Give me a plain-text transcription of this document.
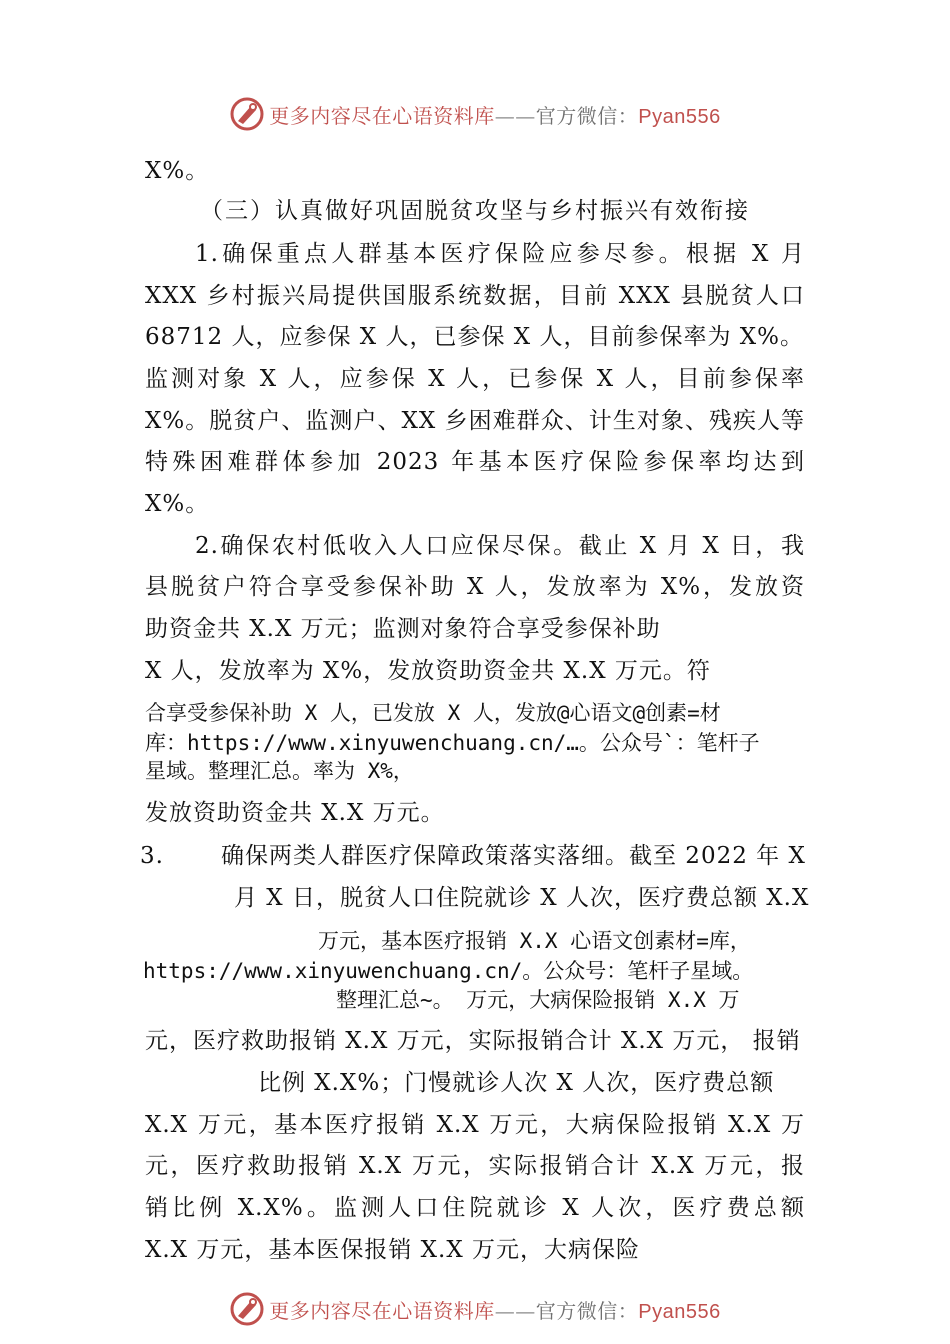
更多内容尽在心语资料库——官方微信：Pyan556
X%。
（三）认真做好巩固脱贫攻坚与乡村振兴有效衔接
1.确保重点人群基本医疗保险应参尽参。根据 X 月
XXX 乡村振兴局提供国服系统数据，目前 XXX 县脱贫人口
68712 人，应参保 X 人，已参保 X 人，目前参保率为 X%。
监测对象 X 人，应参保 X 人，已参保 X 人，目前参保率
X%。脱贫户、监测户、XX 乡困难群众、计生对象、残疾人等
特殊困难群体参加 2023 年基本医疗保险参保率均达到
X%。
2.确保农村低收入人口应保尽保。截止 X 月 X 日，我
县脱贫户符合享受参保补助 X 人，发放率为 X%，发放资
助资金共 X.X 万元；监测对象符合享受参保补助
X 人，发放率为 X%，发放资助资金共 X.X 万元。符
合享受参保补助 X 人，已发放 X 人，发放@心语文@创素=材
库：https://www.xinyuwenchuang.cn/…。公众号`：笔杆子
星域。整理汇总。率为 X%，
发放资助资金共 X.X 万元。
3. 确保两类人群医疗保障政策落实落细。截至 2022 年 X
月 X 日，脱贫人口住院就诊 X 人次，医疗费总额 X.X
万元，基本医疗报销 X.X 心语文创素材=库，
https://www.xinyuwenchuang.cn/。公众号：笔杆子星域。
整理汇总~。 万元，大病保险报销 X.X 万
元，医疗救助报销 X.X 万元，实际报销合计 X.X 万元， 报销
比例 X.X%；门慢就诊人次 X 人次，医疗费总额
X.X 万元，基本医疗报销 X.X 万元，大病保险报销 X.X 万
元，医疗救助报销 X.X 万元，实际报销合计 X.X 万元，报
销比例 X.X%。监测人口住院就诊 X 人次，医疗费总额
X.X 万元，基本医保报销 X.X 万元，大病保险
更多内容尽在心语资料库——官方微信：Pyan556
